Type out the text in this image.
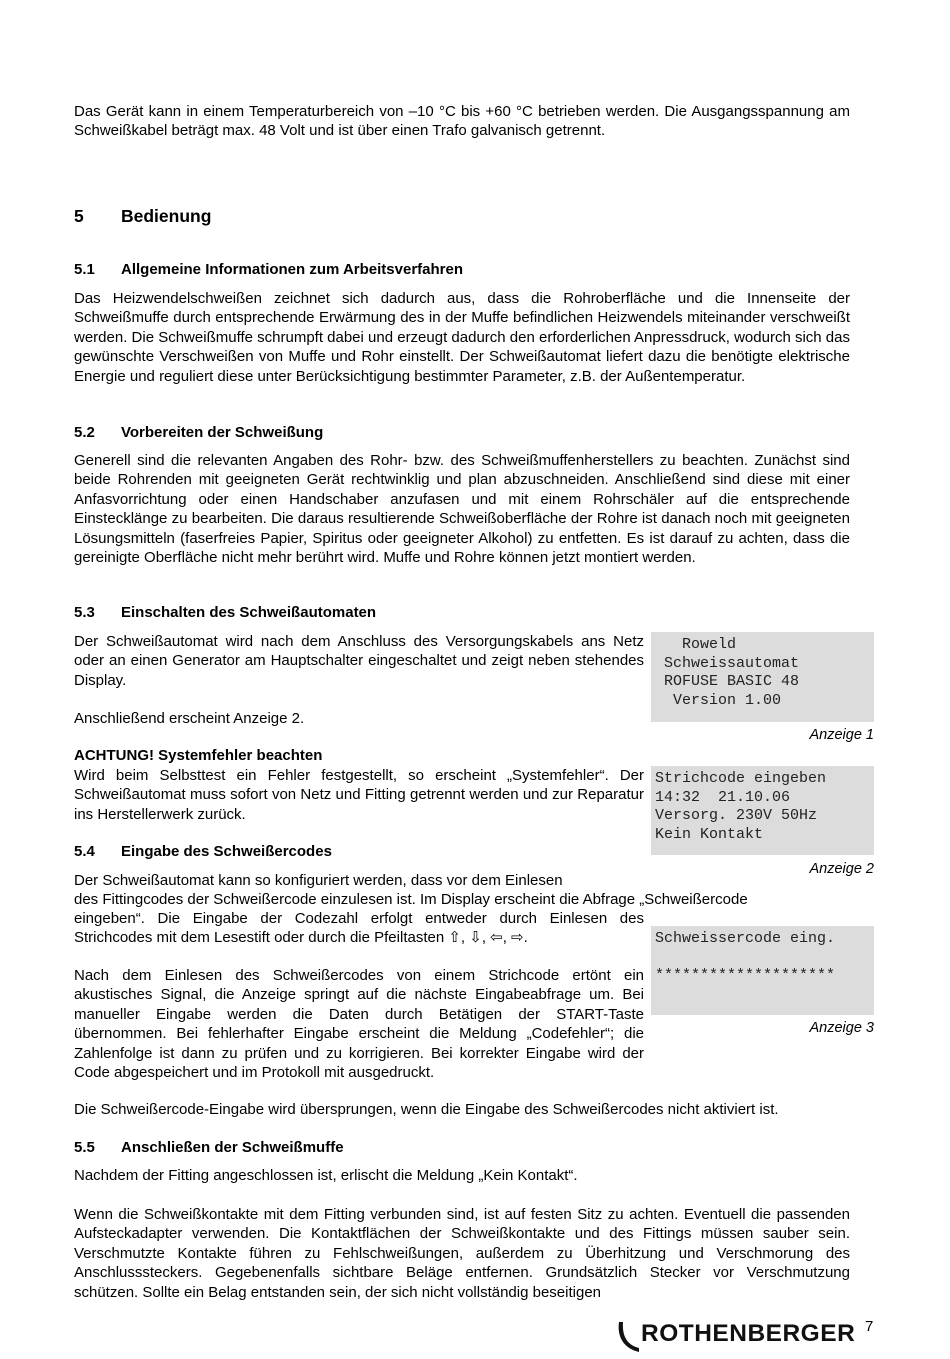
Das Gerät kann in einem Temperaturbereich von –10 °C bis +60 °C betrieben werden. Die Ausgangsspannung am Schweißkabel beträgt max. 48 Volt und ist über einen Trafo galvanisch getrennt.

5 Bedienung
5.1 Allgemeine Informationen zum Arbeitsverfahren

Das Heizwendelschweißen zeichnet sich dadurch aus, dass die Rohroberfläche und die Innenseite der Schweißmuffe durch entsprechende Erwärmung des in der Muffe befindlichen Heizwendels miteinander verschweißt werden. Die Schweißmuffe schrumpft dabei und erzeugt dadurch den erforderlichen Anpressdruck, wodurch sich das gewünschte Verschweißen von Muffe und Rohr einstellt. Der Schweißautomat liefert dazu die benötigte elektrische Energie und reguliert diese unter Berücksichtigung bestimmter Parameter, z.B. der Außentemperatur.

5.2 Vorbereiten der Schweißung

Generell sind die relevanten Angaben des Rohr- bzw. des Schweißmuffenherstellers zu beachten. Zunächst sind beide Rohrenden mit geeigneten Gerät rechtwinklig und plan abzuschneiden. Anschließend sind diese mit einer Anfasvorrichtung oder einen Handschaber anzufasen und mit einem Rohrschäler auf die entsprechende Einstecklänge zu bearbeiten. Die daraus resultierende Schweißoberfläche der Rohre ist danach noch mit geeigneten Lösungsmitteln (faserfreies Papier, Spiritus oder geeigneter Alkohol) zu entfetten. Es ist darauf zu achten, dass die gereinigte Oberfläche nicht mehr berührt wird. Muffe und Rohre können jetzt montiert werden.

5.3 Einschalten des Schweißautomaten

Der Schweißautomat wird nach dem Anschluss des Versorgungskabels ans Netz oder an einen Generator am Hauptschalter eingeschaltet und zeigt neben stehendes Display.

Anschließend erscheint Anzeige 2.

ACHTUNG! Systemfehler beachten

Wird beim Selbsttest ein Fehler festgestellt, so erscheint „Systemfehler“. Der Schweißautomat muss sofort von Netz und Fitting getrennt werden und zur Reparatur ins Herstellerwerk zurück.

5.4 Eingabe des Schweißercodes

Der Schweißautomat kann so konfiguriert werden, dass vor dem Einlesen

des Fittingcodes der Schweißercode einzulesen ist. Im Display erscheint die Abfrage „Schweißercode

eingeben“. Die Eingabe der Codezahl erfolgt entweder durch Einlesen des Strichcodes mit dem Lesestift oder durch die Pfeiltasten ⇧, ⇩, ⇦, ⇨.

Nach dem Einlesen des Schweißercodes von einem Strichcode ertönt ein akustisches Signal, die Anzeige springt auf die nächste Eingabeabfrage um. Bei manueller Eingabe werden die Daten durch Betätigen der START-Taste übernommen. Bei fehlerhafter Eingabe erscheint die Meldung „Codefehler“; die Zahlenfolge ist dann zu prüfen und zu korrigieren. Bei korrekter Eingabe wird der Code abgespeichert und im Protokoll mit ausgedruckt.

Die Schweißercode-Eingabe wird übersprungen, wenn die Eingabe des Schweißercodes nicht aktiviert ist.

5.5 Anschließen der Schweißmuffe

Nachdem der Fitting angeschlossen ist, erlischt die Meldung „Kein Kontakt“.

Wenn die Schweißkontakte mit dem Fitting verbunden sind, ist auf festen Sitz zu achten. Eventuell die passenden Aufsteckadapter verwenden. Die Kontaktflächen der Schweißkontakte und des Fittings müssen sauber sein. Verschmutzte Kontakte führen zu Fehlschweißungen, außerdem zu Überhitzung und Verschmorung des Anschlusssteckers. Gegebenenfalls sichtbare Beläge entfernen. Grundsätzlich Stecker vor Verschmutzung schützen. Sollte ein Belag entstanden sein, der sich nicht vollständig beseitigen

Roweld
Schweissautomat
ROFUSE BASIC 48
Version 1.00
Anzeige 1
Strichcode eingeben
14:32  21.10.06
Versorg. 230V 50Hz
Kein Kontakt
Anzeige 2
Schweissercode eing.
********************
Anzeige 3
ROTHENBERGER 7
